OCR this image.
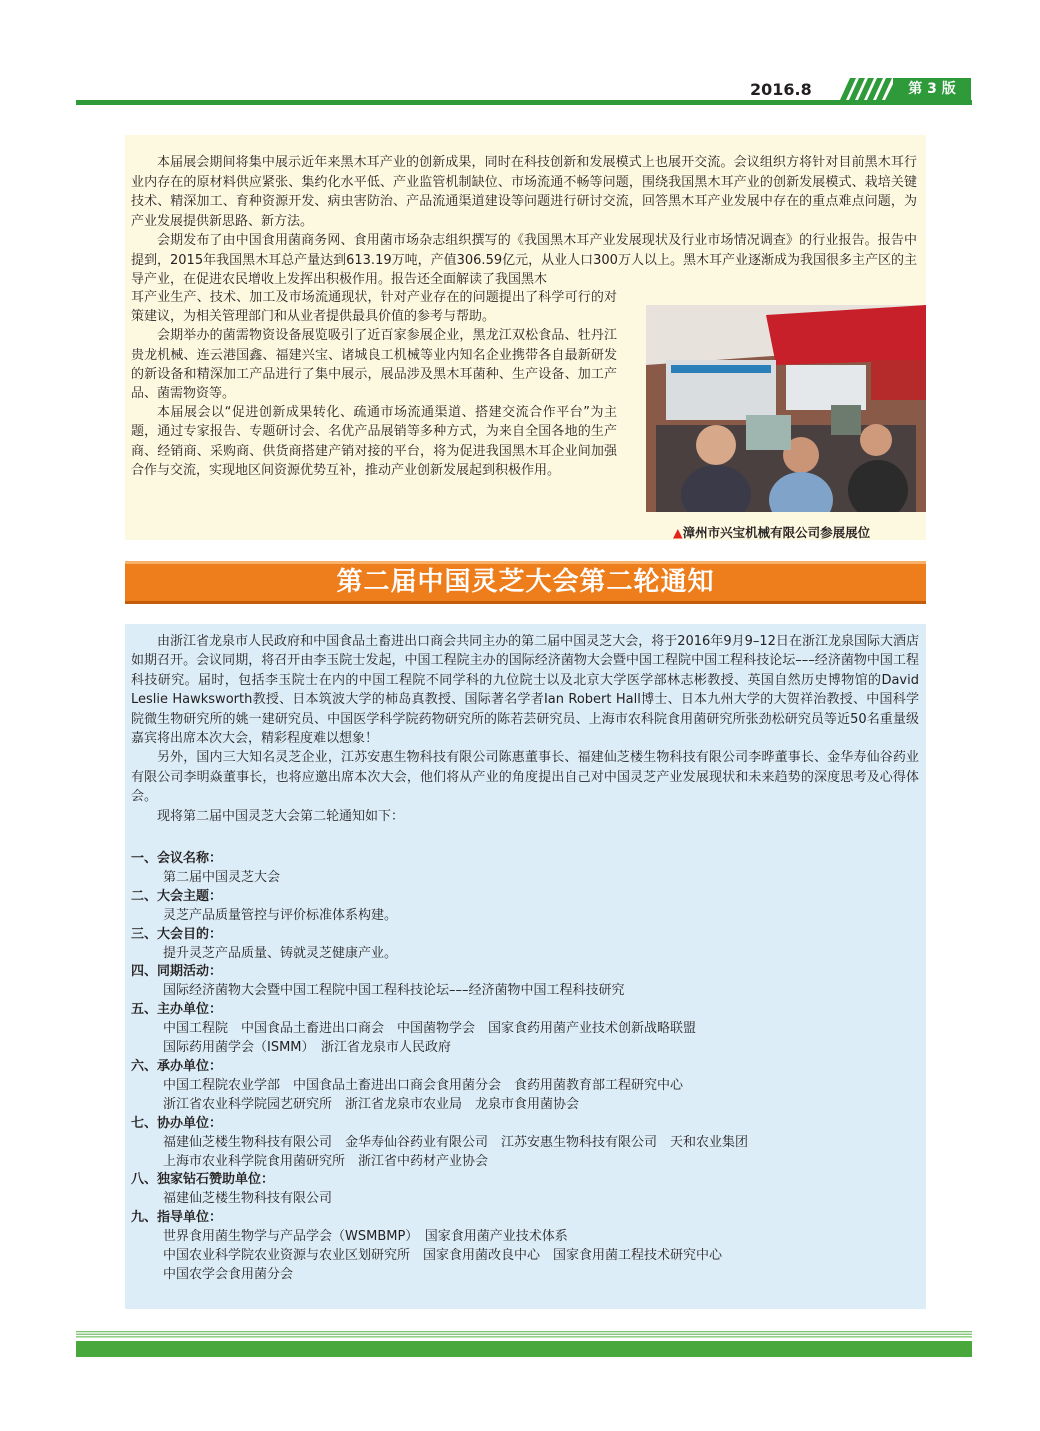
2016.8	第 3 版

本届展会期间将集中展示近年来黑木耳产业的创新成果，同时在科技创新和发展模式上也展开交流。会议组织方将针对目前黑木耳行业内存在的原材料供应紧张、集约化水平低、产业监管机制缺位、市场流通不畅等问题，围绕我国黑木耳产业的创新发展模式、栽培关键技术、精深加工、育种资源开发、病虫害防治、产品流通渠道建设等问题进行研讨交流，回答黑木耳产业发展中存在的重点难点问题，为产业发展提供新思路、新方法。

会期发布了由中国食用菌商务网、食用菌市场杂志组织撰写的《我国黑木耳产业发展现状及行业市场情况调查》的行业报告。报告中提到，2015年我国黑木耳总产量达到613.19万吨，产值306.59亿元，从业人口300万人以上。黑木耳产业逐渐成为我国很多主产区的主导产业，在促进农民增收上发挥出积极作用。报告还全面解读了我国黑木

耳产业生产、技术、加工及市场流通现状，针对产业存在的问题提出了科学可行的对策建议，为相关管理部门和从业者提供最具价值的参考与帮助。

会期举办的菌需物资设备展览吸引了近百家参展企业，黑龙江双松食品、牡丹江贵龙机械、连云港国鑫、福建兴宝、诸城良工机械等业内知名企业携带各自最新研发的新设备和精深加工产品进行了集中展示，展品涉及黑木耳菌种、生产设备、加工产品、菌需物资等。

本届展会以“促进创新成果转化、疏通市场流通渠道、搭建交流合作平台”为主题，通过专家报告、专题研讨会、名优产品展销等多种方式，为来自全国各地的生产商、经销商、采购商、供货商搭建产销对接的平台，将为促进我国黑木耳企业间加强合作与交流，实现地区间资源优势互补，推动产业创新发展起到积极作用。

▲漳州市兴宝机械有限公司参展展位
第二届中国灵芝大会第二轮通知

由浙江省龙泉市人民政府和中国食品土畜进出口商会共同主办的第二届中国灵芝大会，将于2016年9月9–12日在浙江龙泉国际大酒店如期召开。会议同期，将召开由李玉院士发起，中国工程院主办的国际经济菌物大会暨中国工程院中国工程科技论坛–––经济菌物中国工程科技研究。届时，包括李玉院士在内的中国工程院不同学科的九位院士以及北京大学医学部林志彬教授、英国自然历史博物馆的David Leslie Hawksworth教授、日本筑波大学的柿岛真教授、国际著名学者Ian Robert Hall博士、日本九州大学的大贺祥治教授、中国科学院微生物研究所的姚一建研究员、中国医学科学院药物研究所的陈若芸研究员、上海市农科院食用菌研究所张劲松研究员等近50名重量级嘉宾将出席本次大会，精彩程度难以想象！

另外，国内三大知名灵芝企业，江苏安惠生物科技有限公司陈惠董事长、福建仙芝楼生物科技有限公司李晔董事长、金华寿仙谷药业有限公司李明焱董事长，也将应邀出席本次大会，他们将从产业的角度提出自己对中国灵芝产业发展现状和未来趋势的深度思考及心得体会。

现将第二届中国灵芝大会第二轮通知如下：

一、会议名称：
第二届中国灵芝大会
二、大会主题：
灵芝产品质量管控与评价标准体系构建。
三、大会目的：
提升灵芝产品质量、铸就灵芝健康产业。
四、同期活动：
国际经济菌物大会暨中国工程院中国工程科技论坛–––经济菌物中国工程科技研究
五、主办单位：
中国工程院　中国食品土畜进出口商会　中国菌物学会　国家食药用菌产业技术创新战略联盟
国际药用菌学会（ISMM）　浙江省龙泉市人民政府
六、承办单位：
中国工程院农业学部　中国食品土畜进出口商会食用菌分会　食药用菌教育部工程研究中心
浙江省农业科学院园艺研究所　浙江省龙泉市农业局　龙泉市食用菌协会
七、协办单位：
福建仙芝楼生物科技有限公司　金华寿仙谷药业有限公司　江苏安惠生物科技有限公司　天和农业集团
上海市农业科学院食用菌研究所　浙江省中药材产业协会
八、独家钻石赞助单位：
福建仙芝楼生物科技有限公司
九、指导单位：
世界食用菌生物学与产品学会（WSMBMP）　国家食用菌产业技术体系
中国农业科学院农业资源与农业区划研究所　国家食用菌改良中心　国家食用菌工程技术研究中心
中国农学会食用菌分会
